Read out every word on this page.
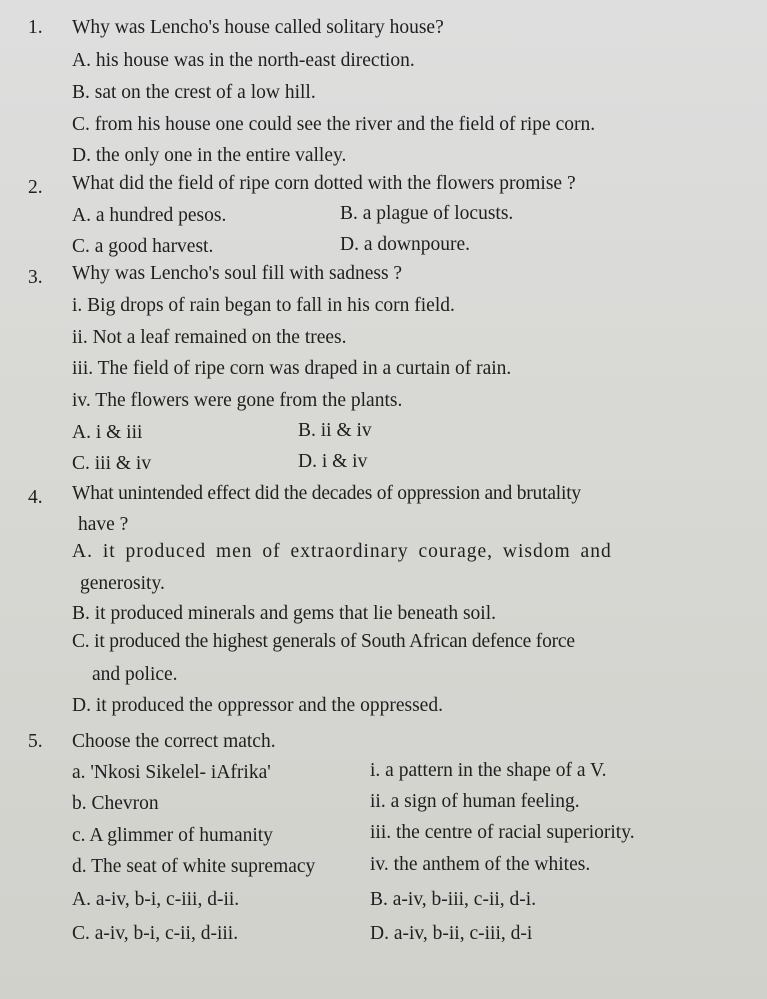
1. Why was Lencho's house called solitary house?
A. his house was in the north-east direction.
B. sat on the crest of a low hill.
C. from his house one could see the river and the field of ripe corn.
D. the only one in the entire valley.
2. What did the field of ripe corn dotted with the flowers promise ?
A. a hundred pesos.	B. a plague of locusts.
C. a good harvest.	D. a downpoure.
3. Why was Lencho's soul fill with sadness ?
i. Big drops of rain began to fall in his corn field.
ii. Not a leaf remained on the trees.
iii. The field of ripe corn was draped in a curtain of rain.
iv. The flowers were gone from the plants.
A. i & iii	B. ii & iv
C. iii & iv	D. i & iv
4. What unintended effect did the decades of oppression and brutality
have ?
A. it produced men of extraordinary courage, wisdom and
generosity.
B. it produced minerals and gems that lie beneath soil.
C. it produced the highest generals of South African defence force
and police.
D. it produced the oppressor and the oppressed.
5. Choose the correct match.
a. 'Nkosi Sikelel- iAfrika'	i. a pattern in the shape of a V.
b. Chevron	ii. a sign of human feeling.
c. A glimmer of humanity	iii. the centre of racial superiority.
d. The seat of white supremacy	iv. the anthem of the whites.
A. a-iv, b-i, c-iii, d-ii.	B. a-iv, b-iii, c-ii, d-i.
C. a-iv, b-i, c-ii, d-iii.	D. a-iv, b-ii, c-iii, d-i
